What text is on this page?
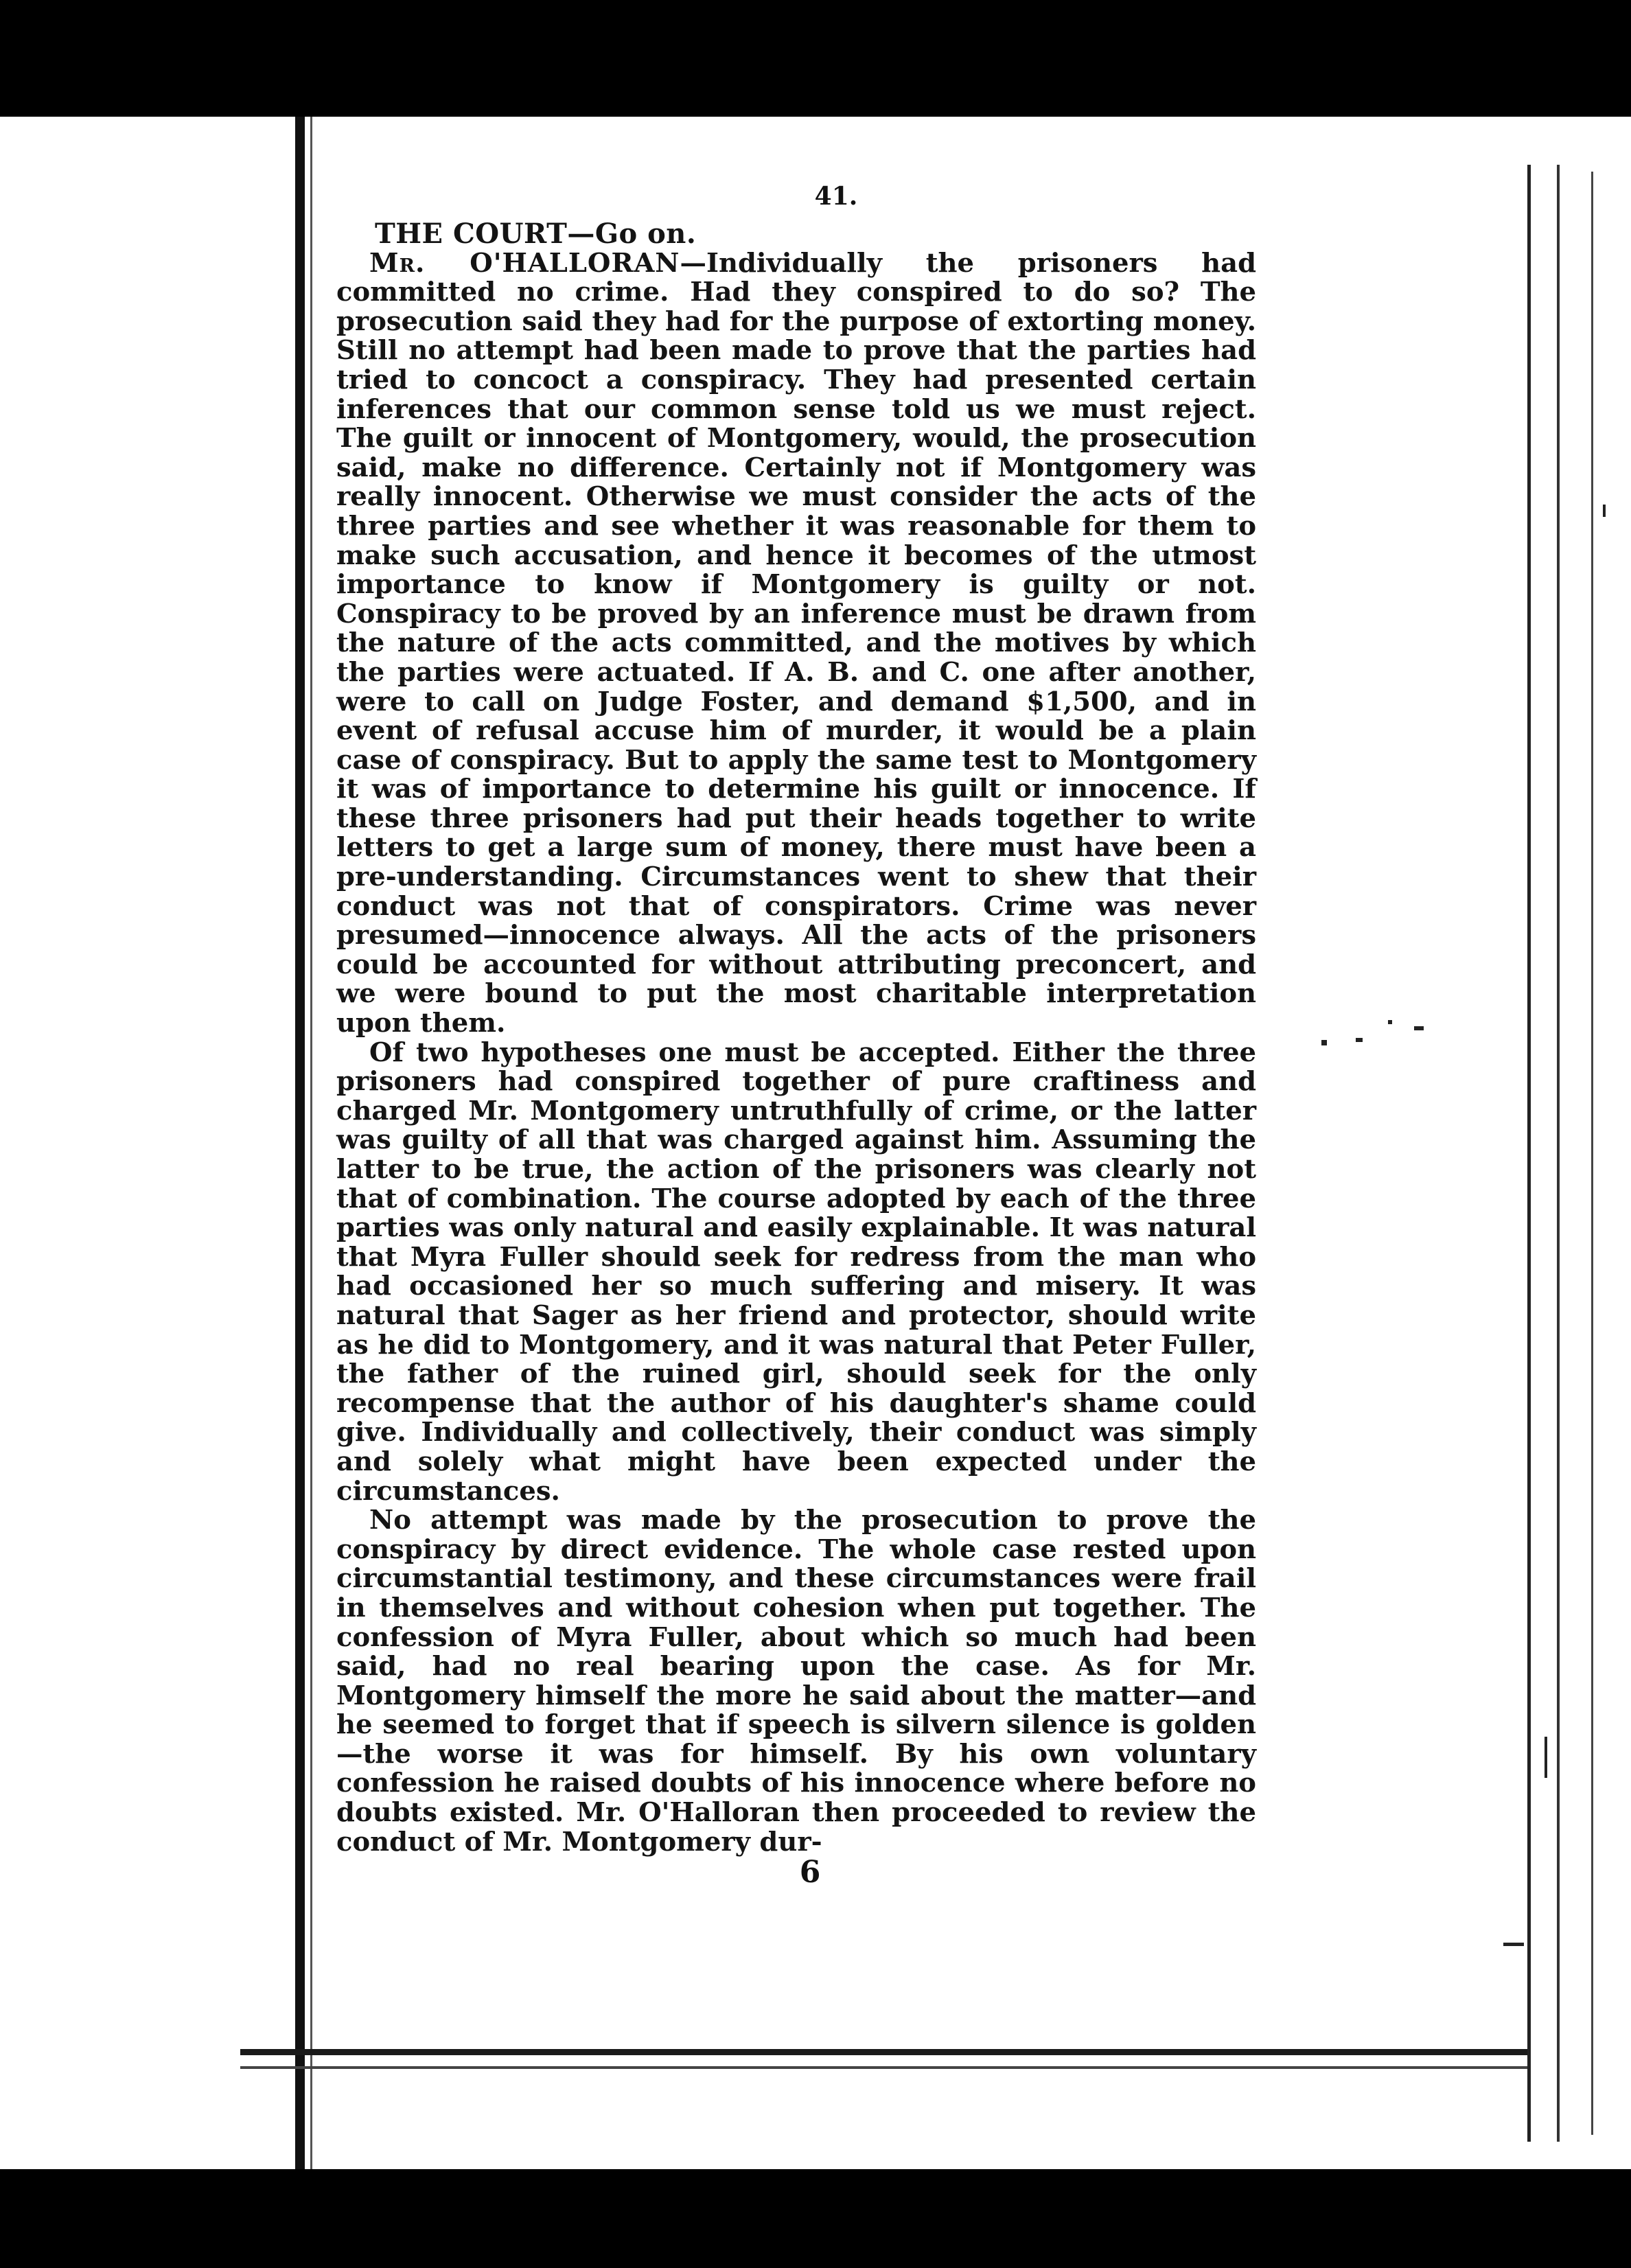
41.
THE COURT—Go on.

Mr. O'HALLORAN—Individually the prisoners had committed no crime. Had they conspired to do so? The prosecution said they had for the purpose of extorting money. Still no attempt had been made to prove that the parties had tried to concoct a conspiracy. They had presented certain inferences that our common sense told us we must reject. The guilt or innocent of Montgomery, would, the prosecution said, make no difference. Certainly not if Montgomery was really innocent. Otherwise we must consider the acts of the three parties and see whether it was reasonable for them to make such accusation, and hence it becomes of the utmost importance to know if Montgomery is guilty or not. Conspiracy to be proved by an inference must be drawn from the nature of the acts committed, and the motives by which the parties were actuated. If A. B. and C. one after another, were to call on Judge Foster, and demand $1,500, and in event of refusal accuse him of murder, it would be a plain case of conspiracy. But to apply the same test to Montgomery it was of importance to determine his guilt or innocence. If these three prisoners had put their heads together to write letters to get a large sum of money, there must have been a pre-understanding. Circumstances went to shew that their conduct was not that of conspirators. Crime was never presumed—innocence always. All the acts of the prisoners could be accounted for without attributing preconcert, and we were bound to put the most charitable interpretation upon them.

Of two hypotheses one must be accepted. Either the three prisoners had conspired together of pure craftiness and charged Mr. Montgomery untruthfully of crime, or the latter was guilty of all that was charged against him. Assuming the latter to be true, the action of the prisoners was clearly not that of combination. The course adopted by each of the three parties was only natural and easily explainable. It was natural that Myra Fuller should seek for redress from the man who had occasioned her so much suffering and misery. It was natural that Sager as her friend and protector, should write as he did to Montgomery, and it was natural that Peter Fuller, the father of the ruined girl, should seek for the only recompense that the author of his daughter's shame could give. Individually and collectively, their conduct was simply and solely what might have been expected under the circumstances.

No attempt was made by the prosecution to prove the conspiracy by direct evidence. The whole case rested upon circumstantial testimony, and these circumstances were frail in themselves and without cohesion when put together. The confession of Myra Fuller, about which so much had been said, had no real bearing upon the case. As for Mr. Montgomery himself the more he said about the matter—and he seemed to forget that if speech is silvern silence is golden—the worse it was for himself. By his own voluntary confession he raised doubts of his innocence where before no doubts existed. Mr. O'Halloran then proceeded to review the conduct of Mr. Montgomery dur-

6
